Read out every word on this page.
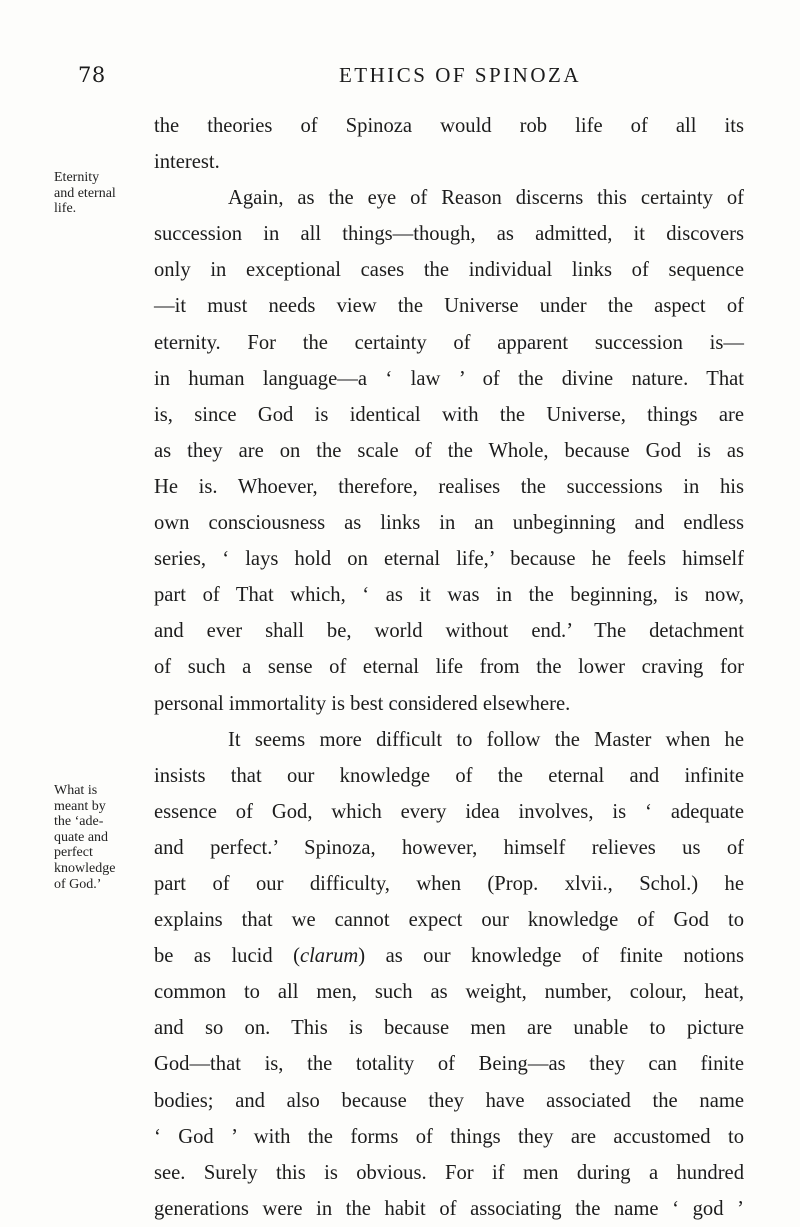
78	ETHICS OF SPINOZA
Eternity
and eternal
life.
What is
meant by
the ‘ade-
quate and
perfect
knowledge
of God.’
the theories of Spinoza would rob life of all its
interest.
Again, as the eye of Reason discerns this certainty of
succession in all things—though, as admitted, it discovers
only in exceptional cases the individual links of sequence
—it must needs view the Universe under the aspect of
eternity. For the certainty of apparent succession is—
in human language—a ‘ law ’ of the divine nature. That
is, since God is identical with the Universe, things are
as they are on the scale of the Whole, because God is as
He is. Whoever, therefore, realises the successions in his
own consciousness as links in an unbeginning and endless
series, ‘ lays hold on eternal life,’ because he feels himself
part of That which, ‘ as it was in the beginning, is now,
and ever shall be, world without end.’ The detachment
of such a sense of eternal life from the lower craving for
personal immortality is best considered elsewhere.
It seems more difficult to follow the Master when he
insists that our knowledge of the eternal and infinite
essence of God, which every idea involves, is ‘ adequate
and perfect.’ Spinoza, however, himself relieves us of
part of our difficulty, when (Prop. xlvii., Schol.) he
explains that we cannot expect our knowledge of God to
be as lucid (clarum) as our knowledge of finite notions
common to all men, such as weight, number, colour, heat,
and so on. This is because men are unable to picture
God—that is, the totality of Being—as they can finite
bodies; and also because they have associated the name
‘ God ’ with the forms of things they are accustomed to
see. Surely this is obvious. For if men during a hundred
generations were in the habit of associating the name ‘ god ’
